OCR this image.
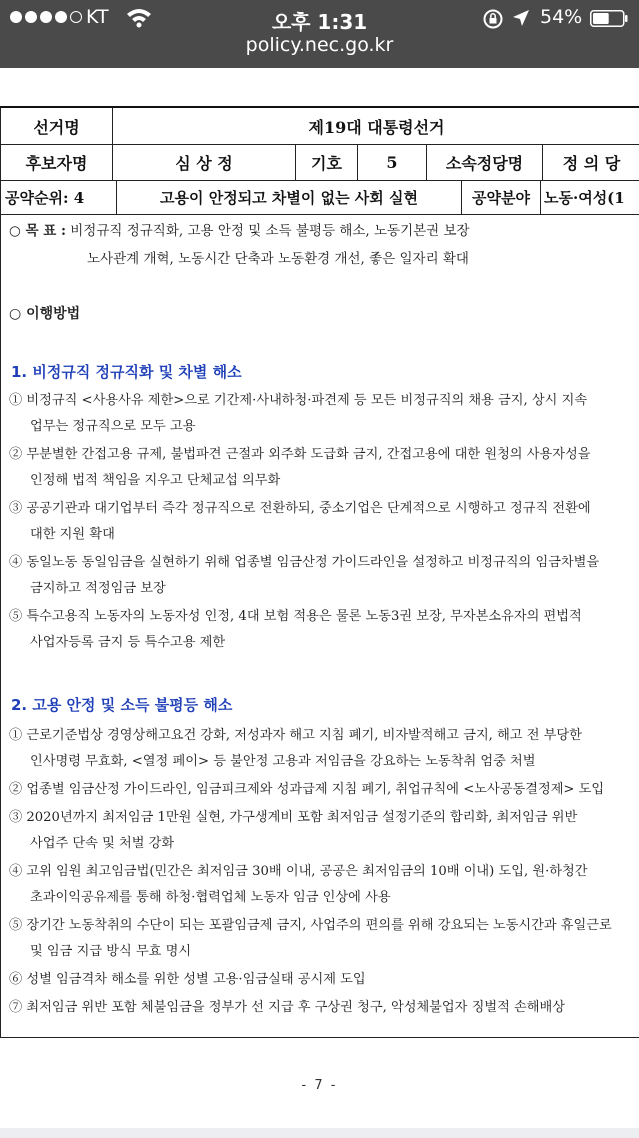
KT	오후 1:31	54%
policy.nec.go.kr
선거명	제19대 대통령선거
후보자명	심 상 정	기호	5	소속정당명	정 의 당
공약순위: 4	고용이 안정되고 차별이 없는 사회 실현	공약분야 노동·여성(1
○ 목 표 : 비정규직 정규직화, 고용 안정 및 소득 불평등 해소, 노동기본권 보장
노사관계 개혁, 노동시간 단축과 노동환경 개선, 좋은 일자리 확대
○ 이행방법
1. 비정규직 정규직화 및 차별 해소
① 비정규직 <사용사유 제한>으로 기간제·사내하청·파견제 등 모든 비정규직의 채용 금지, 상시 지속
업무는 정규직으로 모두 고용
② 무분별한 간접고용 규제, 불법파견 근절과 외주화 도급화 금지, 간접고용에 대한 원청의 사용자성을
인정해 법적 책임을 지우고 단체교섭 의무화
③ 공공기관과 대기업부터 즉각 정규직으로 전환하되, 중소기업은 단계적으로 시행하고 정규직 전환에
대한 지원 확대
④ 동일노동 동일임금을 실현하기 위해 업종별 임금산정 가이드라인을 설정하고 비정규직의 임금차별을
금지하고 적정임금 보장
⑤ 특수고용직 노동자의 노동자성 인정, 4대 보험 적용은 물론 노동3권 보장, 무자본소유자의 편법적
사업자등록 금지 등 특수고용 제한
2. 고용 안정 및 소득 불평등 해소
① 근로기준법상 경영상해고요건 강화, 저성과자 해고 지침 폐기, 비자발적해고 금지, 해고 전 부당한
인사명령 무효화, <열정 페이> 등 불안정 고용과 저임금을 강요하는 노동착취 엄중 처벌
② 업종별 임금산정 가이드라인, 임금피크제와 성과급제 지침 폐기, 취업규칙에 <노사공동결정제> 도입
③ 2020년까지 최저임금 1만원 실현, 가구생계비 포함 최저임금 설정기준의 합리화, 최저임금 위반
사업주 단속 및 처벌 강화
④ 고위 임원 최고임금법(민간은 최저임금 30배 이내, 공공은 최저임금의 10배 이내) 도입, 원·하청간
초과이익공유제를 통해 하청·협력업체 노동자 임금 인상에 사용
⑤ 장기간 노동착취의 수단이 되는 포괄임금제 금지, 사업주의 편의를 위해 강요되는 노동시간과 휴일근로
및 임금 지급 방식 무효 명시
⑥ 성별 임금격차 해소를 위한 성별 고용·임금실태 공시제 도입
⑦ 최저임금 위반 포함 체불임금을 정부가 선 지급 후 구상권 청구, 악성체불업자 징벌적 손해배상
- 7 -
